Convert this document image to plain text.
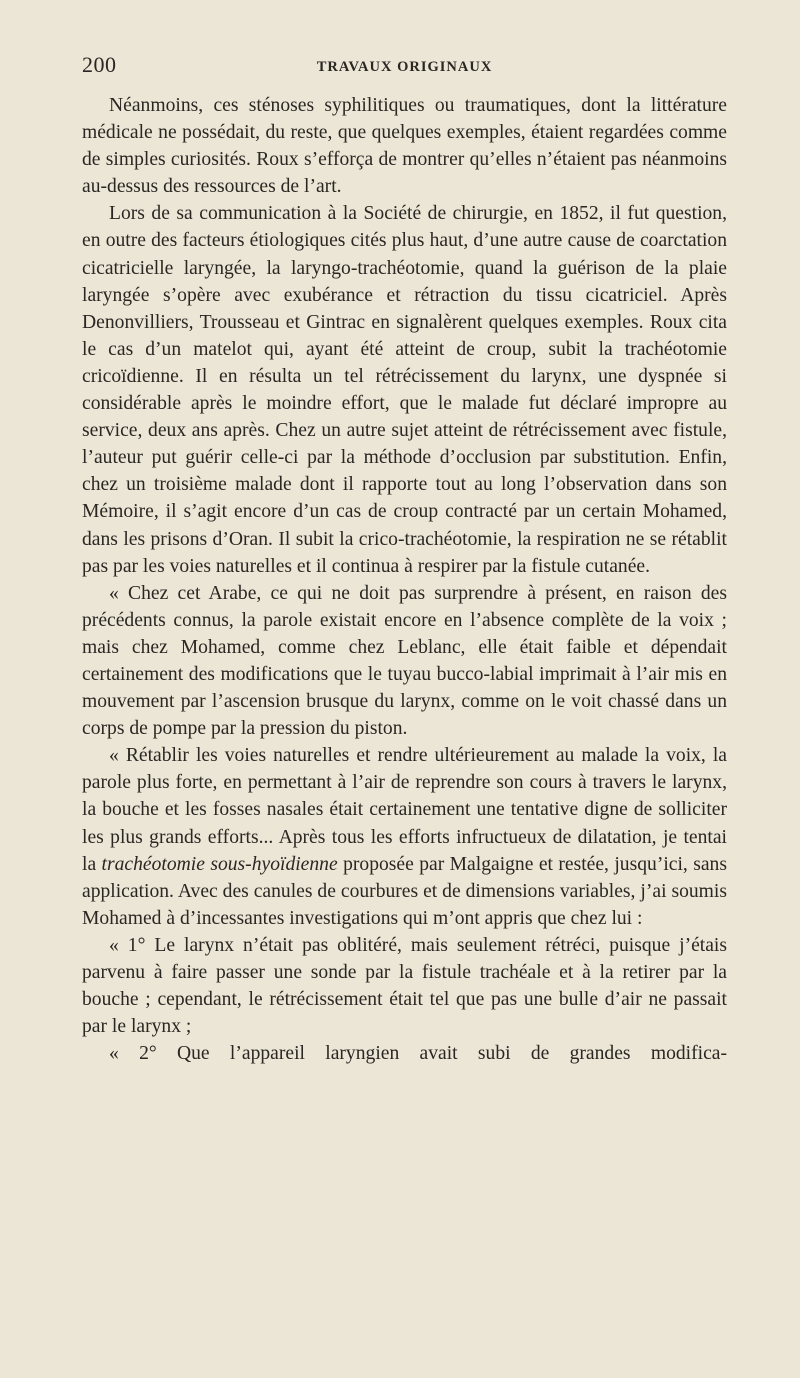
200	TRAVAUX ORIGINAUX

Néanmoins, ces sténoses syphilitiques ou traumatiques, dont la littérature médicale ne possédait, du reste, que quelques exemples, étaient regardées comme de simples curiosités. Roux s’efforça de montrer qu’elles n’étaient pas néanmoins au-dessus des ressources de l’art.

Lors de sa communication à la Société de chirurgie, en 1852, il fut question, en outre des facteurs étiologiques cités plus haut, d’une autre cause de coarctation cicatricielle laryngée, la laryngo-trachéotomie, quand la guérison de la plaie laryngée s’opère avec exubérance et rétraction du tissu cicatriciel. Après Denonvilliers, Trousseau et Gintrac en signalèrent quelques exemples. Roux cita le cas d’un matelot qui, ayant été atteint de croup, subit la trachéotomie cricoïdienne. Il en résulta un tel rétrécissement du larynx, une dyspnée si considérable après le moindre effort, que le malade fut déclaré impropre au service, deux ans après. Chez un autre sujet atteint de rétrécissement avec fistule, l’auteur put guérir celle-ci par la méthode d’occlusion par substitution. Enfin, chez un troisième malade dont il rapporte tout au long l’observation dans son Mémoire, il s’agit encore d’un cas de croup contracté par un certain Mohamed, dans les prisons d’Oran. Il subit la crico-trachéotomie, la respiration ne se rétablit pas par les voies naturelles et il continua à respirer par la fistule cutanée.

« Chez cet Arabe, ce qui ne doit pas surprendre à présent, en raison des précédents connus, la parole existait encore en l’absence complète de la voix ; mais chez Mohamed, comme chez Leblanc, elle était faible et dépendait certainement des modifications que le tuyau bucco-labial imprimait à l’air mis en mouvement par l’ascension brusque du larynx, comme on le voit chassé dans un corps de pompe par la pression du piston.

« Rétablir les voies naturelles et rendre ultérieurement au malade la voix, la parole plus forte, en permettant à l’air de reprendre son cours à travers le larynx, la bouche et les fosses nasales était certainement une tentative digne de solliciter les plus grands efforts... Après tous les efforts infructueux de dilatation, je tentai la trachéotomie sous-hyoïdienne proposée par Malgaigne et restée, jusqu’ici, sans application. Avec des canules de courbures et de dimensions variables, j’ai soumis Mohamed à d’incessantes investigations qui m’ont appris que chez lui :

« 1° Le larynx n’était pas oblitéré, mais seulement rétréci, puisque j’étais parvenu à faire passer une sonde par la fistule trachéale et à la retirer par la bouche ; cependant, le rétrécissement était tel que pas une bulle d’air ne passait par le larynx ;

« 2° Que l’appareil laryngien avait subi de grandes modifica-
